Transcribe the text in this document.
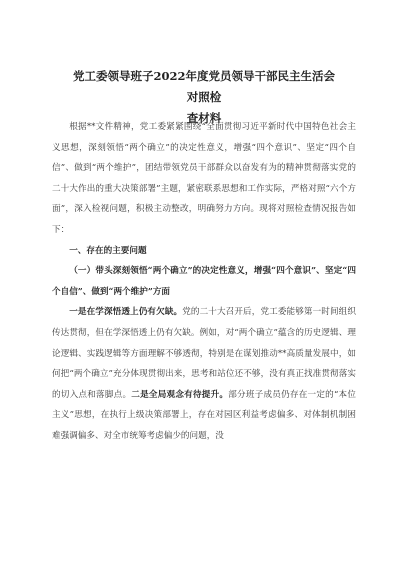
党工委领导班子2022年度党员领导干部民主生活会对照检
查材料

根据**文件精神，党工委紧紧围绕“全面贯彻习近平新时代中国特色社会主义思想，深刻领悟“两个确立”的决定性意义，增强“四个意识”、坚定“四个自信”、做到“两个维护”，团结带领党员干部群众以奋发有为的精神贯彻落实党的二十大作出的重大决策部署”主题，紧密联系思想和工作实际，严格对照“六个方面”，深入检视问题，积极主动整改，明确努力方向。现将对照检查情况报告如下：

一、存在的主要问题

（一）带头深刻领悟“两个确立”的决定性意义，增强“四个意识”、坚定“四个自信”、做到“两个维护”方面

一是在学深悟透上仍有欠缺。党的二十大召开后，党工委能够第一时间组织传达贯彻，但在学深悟透上仍有欠缺。例如，对“两个确立”蕴含的历史逻辑、理论逻辑、实践逻辑等方面理解不够透彻，特别是在谋划推动**高质量发展中，如何把“两个确立”充分体现贯彻出来，思考和站位还不够，没有真正找准贯彻落实的切入点和落脚点。二是全局观念有待提升。部分班子成员仍存在一定的“本位主义”思想，在执行上级决策部署上，存在对园区利益考虑偏多、对体制机制困难强调偏多、对全市统筹考虑偏少的问题，没
